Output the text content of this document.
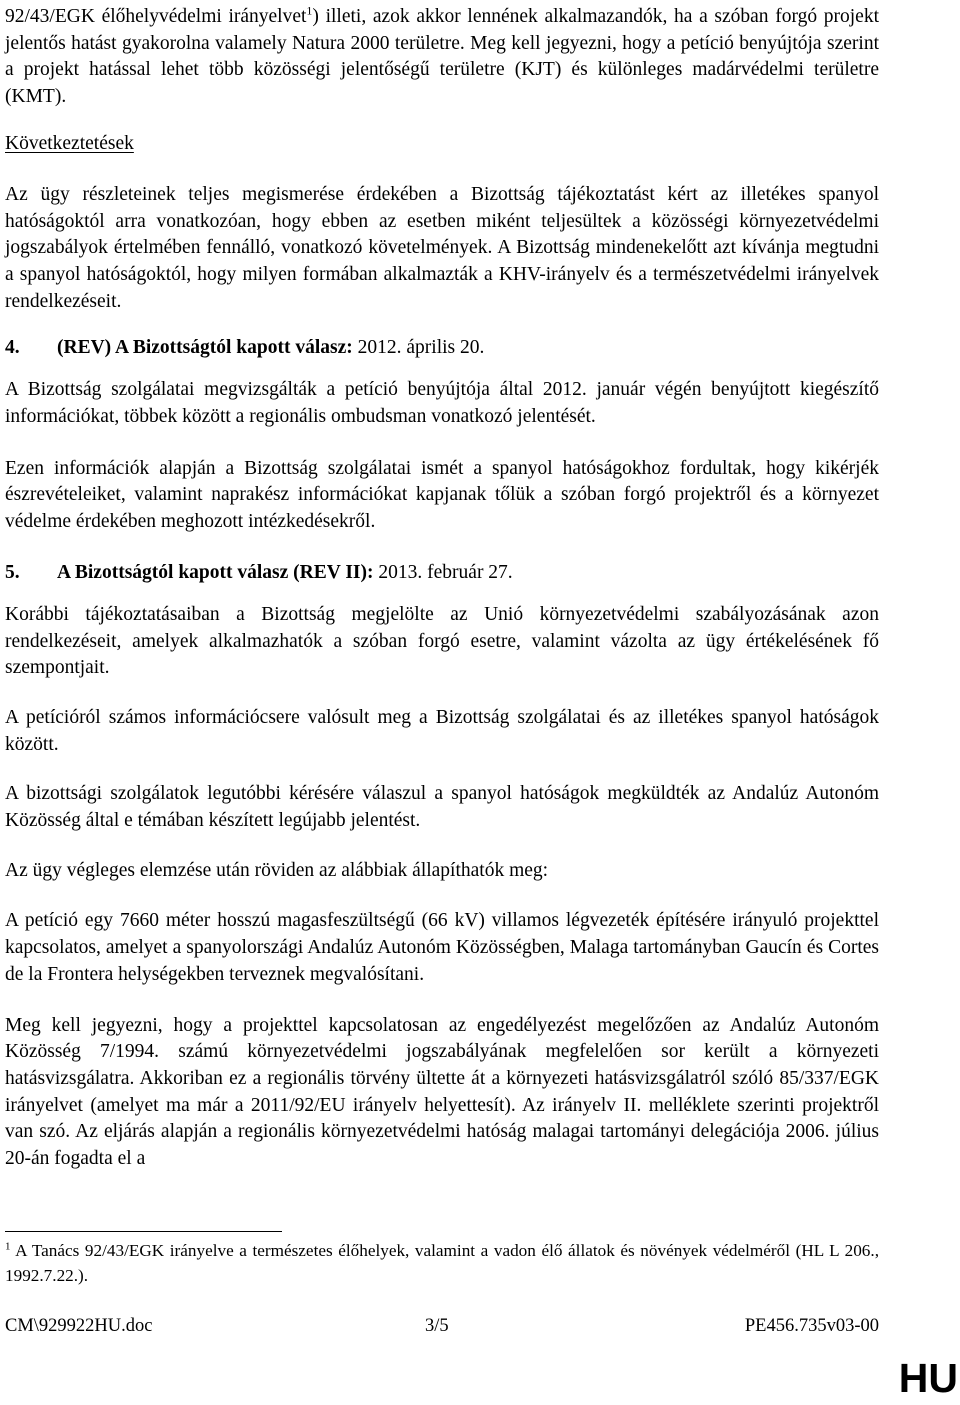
92/43/EGK élőhelyvédelmi irányelvet$^1$) illeti, azok akkor lennének alkalmazandók, ha a szóban forgó projekt jelentős hatást gyakorolna valamely Natura 2000 területre. Meg kell jegyezni, hogy a petíció benyújtója szerint a projekt hatással lehet több közösségi jelentőségű területre (KJT) és különleges madárvédelmi területre (KMT).

Következtetések

Az ügy részleteinek teljes megismerése érdekében a Bizottság tájékoztatást kért az illetékes spanyol hatóságoktól arra vonatkozóan, hogy ebben az esetben miként teljesültek a közösségi környezetvédelmi jogszabályok értelmében fennálló, vonatkozó követelmények. A Bizottság mindenekelőtt azt kívánja megtudni a spanyol hatóságoktól, hogy milyen formában alkalmazták a KHV-irányelv és a természetvédelmi irányelvek rendelkezéseit.

4. (REV) A Bizottságtól kapott válasz: 2012. április 20.

A Bizottság szolgálatai megvizsgálták a petíció benyújtója által 2012. január végén benyújtott kiegészítő információkat, többek között a regionális ombudsman vonatkozó jelentését.

Ezen információk alapján a Bizottság szolgálatai ismét a spanyol hatóságokhoz fordultak, hogy kikérjék észrevételeiket, valamint naprakész információkat kapjanak tőlük a szóban forgó projektről és a környezet védelme érdekében meghozott intézkedésekről.

5. A Bizottságtól kapott válasz (REV II): 2013. február 27.

Korábbi tájékoztatásaiban a Bizottság megjelölte az Unió környezetvédelmi szabályozásának azon rendelkezéseit, amelyek alkalmazhatók a szóban forgó esetre, valamint vázolta az ügy értékelésének fő szempontjait.

A petícióról számos információcsere valósult meg a Bizottság szolgálatai és az illetékes spanyol hatóságok között.

A bizottsági szolgálatok legutóbbi kérésére válaszul a spanyol hatóságok megküldték az Andalúz Autonóm Közösség által e témában készített legújabb jelentést.

Az ügy végleges elemzése után röviden az alábbiak állapíthatók meg:

A petíció egy 7660 méter hosszú magasfeszültségű (66 kV) villamos légvezeték építésére irányuló projekttel kapcsolatos, amelyet a spanyolországi Andalúz Autonóm Közösségben, Malaga tartományban Gaucín és Cortes de la Frontera helységekben terveznek megvalósítani.

Meg kell jegyezni, hogy a projekttel kapcsolatosan az engedélyezést megelőzően az Andalúz Autonóm Közösség 7/1994. számú környezetvédelmi jogszabályának megfelelően sor került a környezeti hatásvizsgálatra. Akkoriban ez a regionális törvény ültette át a környezeti hatásvizsgálatról szóló 85/337/EGK irányelvet (amelyet ma már a 2011/92/EU irányelv helyettesít). Az irányelv II. melléklete szerinti projektről van szó. Az eljárás alapján a regionális környezetvédelmi hatóság malagai tartományi delegációja 2006. július 20-án fogadta el a

$^1$ A Tanács 92/43/EGK irányelve a természetes élőhelyek, valamint a vadon élő állatok és növények védelméről (HL L 206., 1992.7.22.).

CM\929922HU.doc	3/5	PE456.735v03-00
HU
